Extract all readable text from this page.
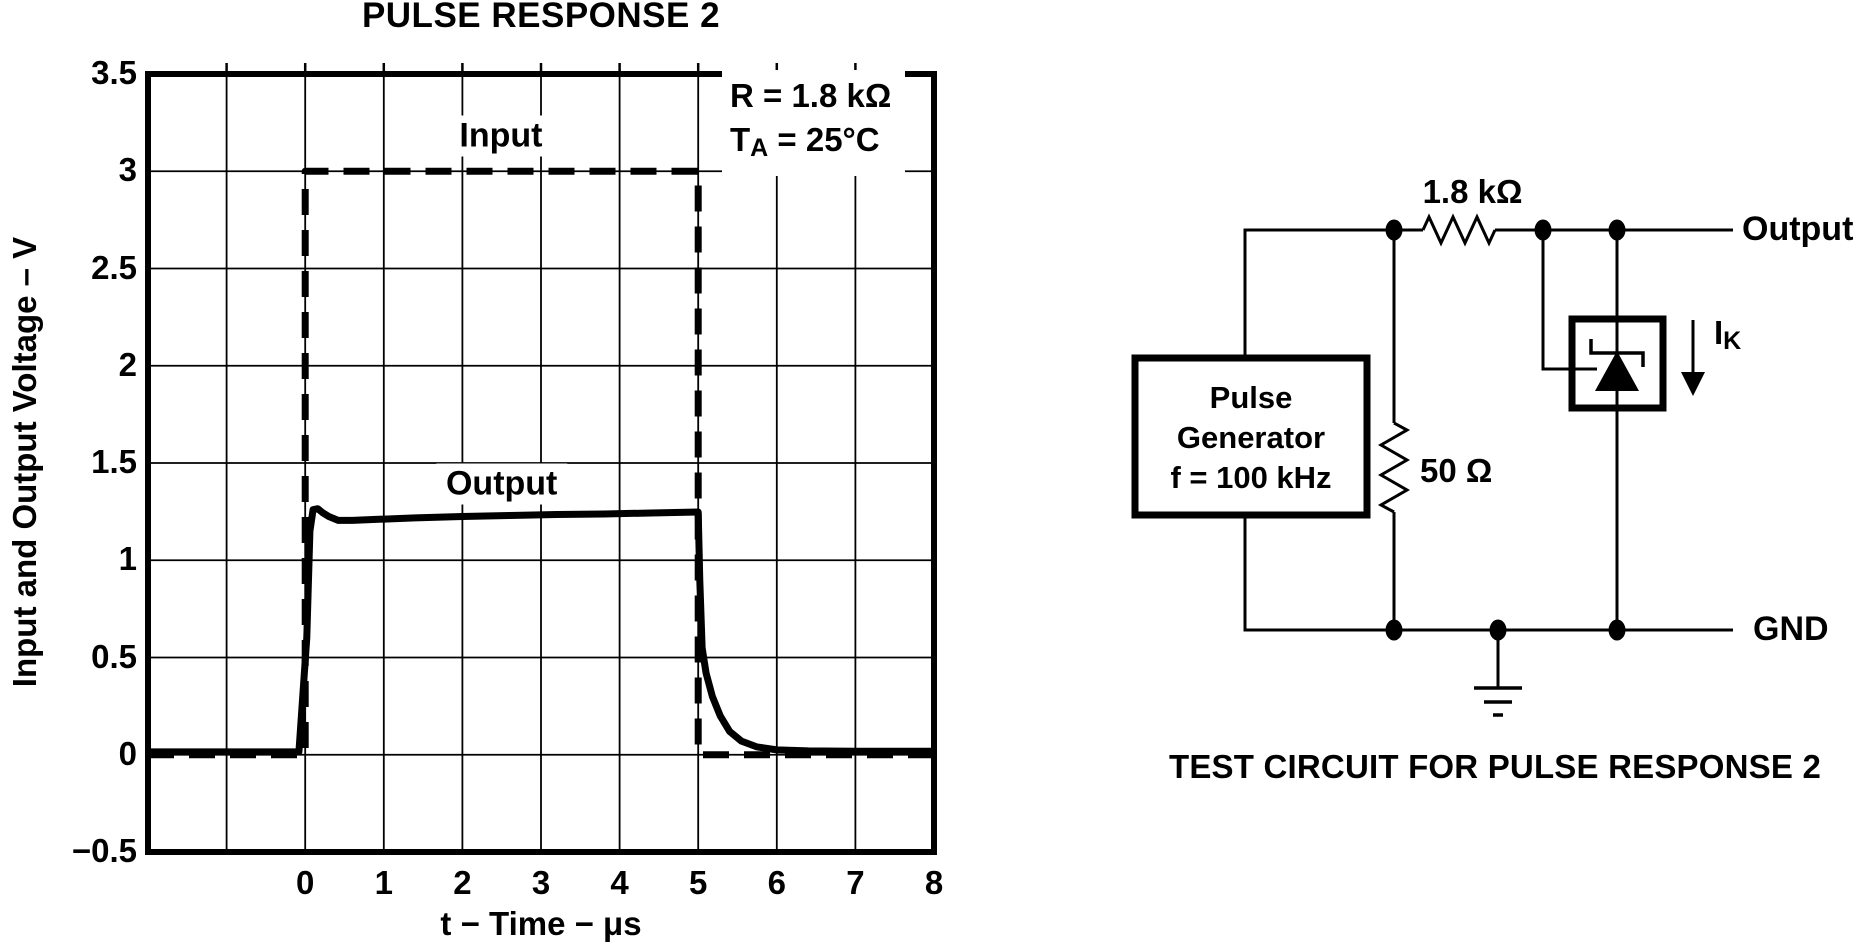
PULSE RESPONSE 2
Input and Output Voltage – V
t − Time − μs
R = 1.8 kΩ
$T_A = 25^\circ C$
Input
Output
0 1 2 3 4 5 6 7 8
3.5
3
2.5
2
1.5
1
0.5
0
−0.5
1.8 kΩ
50 Ω
Pulse
Generator
f = 100 kHz
Output
GND
$I_K$
TEST CIRCUIT FOR PULSE RESPONSE 2
